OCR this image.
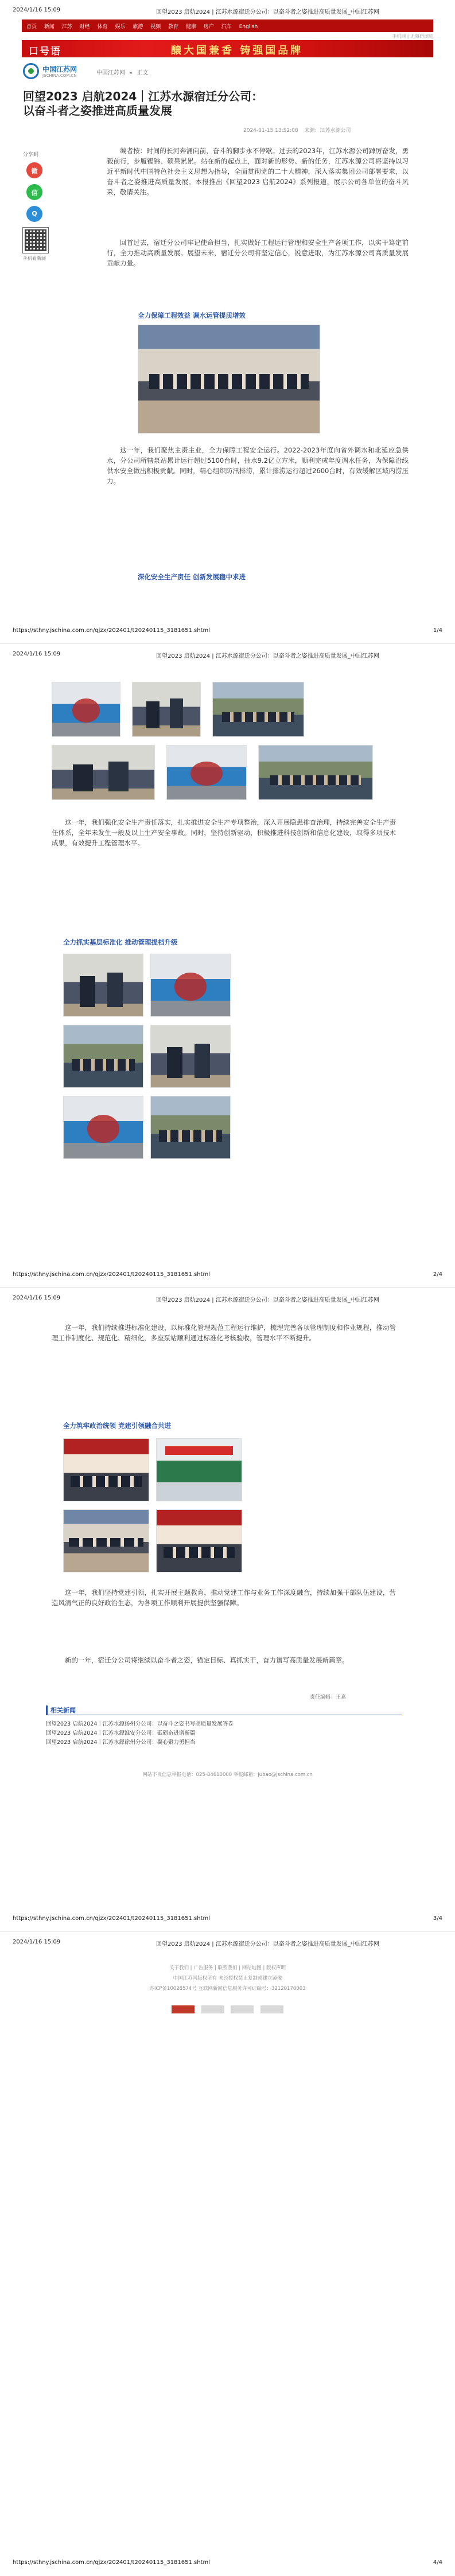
2024/1/16 15:09	回望2023 启航2024 | 江苏水源宿迁分公司：以奋斗者之姿推进高质量发展_中国江苏网
首页 新闻 江苏 财经 体育 娱乐 旅游 视频 教育 健康 房产 汽车 English
手机网 | 无障碍浏览
口号语	醸大国兼香 铸强国品牌
中国江苏网
JSCHINA.COM.CN	中国江苏网 » 正文
回望2023 启航2024｜江苏水源宿迁分公司：以奋斗者之姿推进高质量发展
2024-01-15 13:52:08 来源：江苏水源公司
分享到
微
信
Q
手机看新闻

编者按：时间的长河奔涌向前，奋斗的脚步永不停歇。过去的2023年，江苏水源公司踔厉奋发，勇毅前行，步履铿锵、硕果累累。站在新的起点上，面对新的形势、新的任务，江苏水源公司将坚持以习近平新时代中国特色社会主义思想为指导，全面贯彻党的二十大精神，深入落实集团公司部署要求，以奋斗者之姿推进高质量发展。本报推出《回望2023 启航2024》系列报道，展示公司各单位的奋斗风采，敬请关注。

回首过去，宿迁分公司牢记使命担当，扎实做好工程运行管理和安全生产各项工作，以实干笃定前行，全力推动高质量发展。展望未来，宿迁分公司将坚定信心，锐意进取，为江苏水源公司高质量发展贡献力量。

全力保障工程效益 调水运管提质增效

这一年，我们聚焦主责主业，全力保障工程安全运行。2022-2023年度向省外调水和北延应急供水，分公司所辖泵站累计运行超过5100台时，抽水9.2亿立方米，顺利完成年度调水任务，为保障沿线供水安全做出积极贡献。同时，精心组织防汛排涝，累计排涝运行超过2600台时，有效缓解区域内涝压力。

深化安全生产责任 创新发展稳中求进
https://sthny.jschina.com.cn/qjzx/202401/t20240115_3181651.shtml	1/4
2024/1/16 15:09	回望2023 启航2024 | 江苏水源宿迁分公司：以奋斗者之姿推进高质量发展_中国江苏网

这一年，我们强化安全生产责任落实，扎实推进安全生产专项整治，深入开展隐患排查治理，持续完善安全生产责任体系，全年未发生一般及以上生产安全事故。同时，坚持创新驱动，积极推进科技创新和信息化建设，取得多项技术成果，有效提升工程管理水平。

全力抓实基层标准化 推动管理提档升级
https://sthny.jschina.com.cn/qjzx/202401/t20240115_3181651.shtml	2/4
2024/1/16 15:09	回望2023 启航2024 | 江苏水源宿迁分公司：以奋斗者之姿推进高质量发展_中国江苏网

这一年，我们持续推进标准化建设，以标准化管理规范工程运行维护，梳理完善各项管理制度和作业规程，推动管理工作制度化、规范化、精细化，多座泵站顺利通过标准化考核验收，管理水平不断提升。

全力筑牢政治统领 党建引领融合共进

这一年，我们坚持党建引领，扎实开展主题教育，推动党建工作与业务工作深度融合，持续加强干部队伍建设，营造风清气正的良好政治生态，为各项工作顺利开展提供坚强保障。

新的一年，宿迁分公司将继续以奋斗者之姿，锚定目标、真抓实干，奋力谱写高质量发展新篇章。

相关新闻
回望2023 启航2024｜江苏水源扬州分公司：以奋斗之姿书写高质量发展答卷
回望2023 启航2024｜江苏水源淮安分公司：砥砺奋进谱新篇
回望2023 启航2024｜江苏水源徐州分公司：凝心聚力勇担当
责任编辑：王嘉

网站不良信息举报电话：025-84610000 举报邮箱：jubao@jschina.com.cn

https://sthny.jschina.com.cn/qjzx/202401/t20240115_3181651.shtml	3/4
2024/1/16 15:09	回望2023 启航2024 | 江苏水源宿迁分公司：以奋斗者之姿推进高质量发展_中国江苏网

关于我们 | 广告服务 | 联系我们 | 网站地图 | 版权声明

中国江苏网版权所有 未经授权禁止复制或建立镜像

苏ICP备10028574号 互联网新闻信息服务许可证编号：32120170003

https://sthny.jschina.com.cn/qjzx/202401/t20240115_3181651.shtml	4/4
